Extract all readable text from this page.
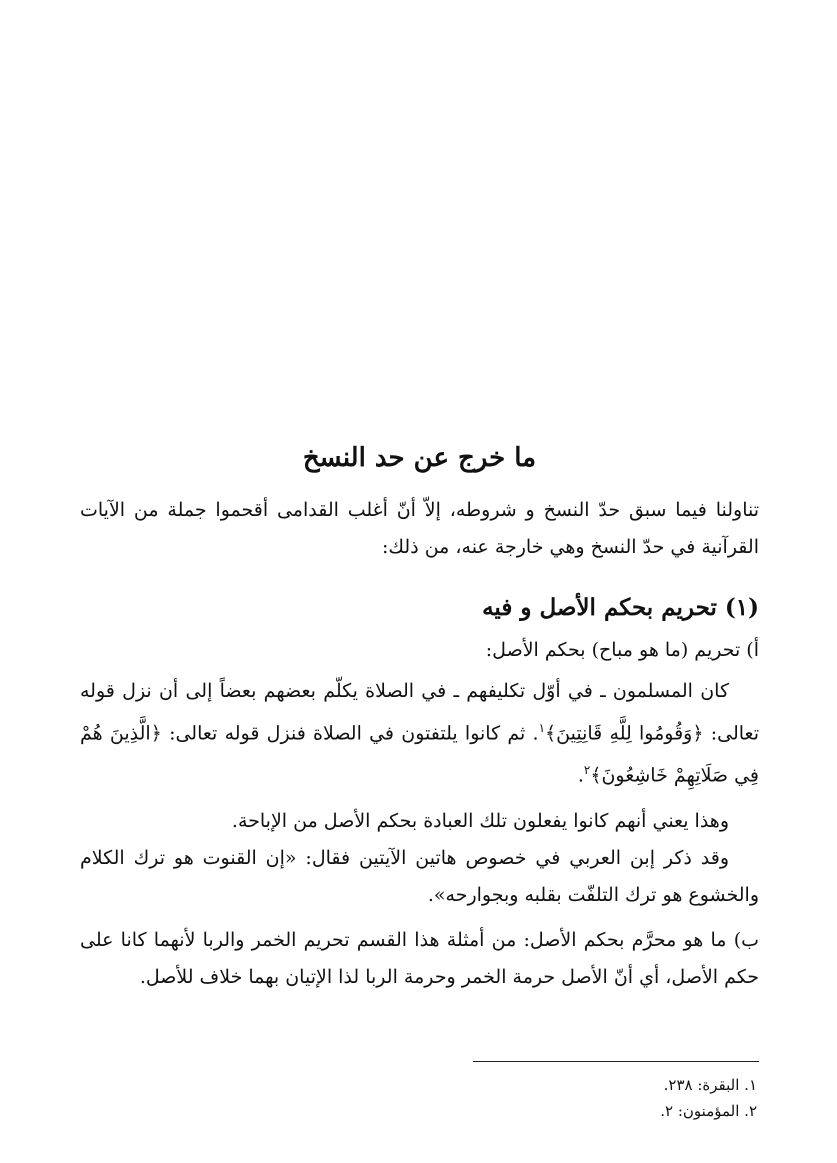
ما خرج عن حد النسخ

تناولنا فيما سبق حدّ النسخ و شروطه، إلاّ أنّ أغلب القدامى أقحموا جملة من الآيات القرآنية في حدّ النسخ وهي خارجة عنه، من ذلك:

(١) تحريم بحكم الأصل و فيه

أ) تحريم (ما هو مباح) بحكم الأصل:

كان المسلمون ـ في أوّل تكليفهم ـ في الصلاة يكلّم بعضهم بعضاً إلى أن نزل قوله تعالى: ﴿وَقُومُوا لِلَّهِ قَانِتِينَ﴾$^١$. ثم كانوا يلتفتون في الصلاة فنزل قوله تعالى: ﴿الَّذِينَ هُمْ فِي صَلَاتِهِمْ خَاشِعُونَ﴾$^٢$.

وهذا يعني أنهم كانوا يفعلون تلك العبادة بحكم الأصل من الإباحة.

وقد ذكر إبن العربي في خصوص هاتين الآيتين فقال: «إن القنوت هو ترك الكلام والخشوع هو ترك التلفّت بقلبه وبجوارحه».

ب) ما هو محرَّم بحكم الأصل: من أمثلة هذا القسم تحريم الخمر والربا لأنهما كانا على حكم الأصل، أي أنّ الأصل حرمة الخمر وحرمة الربا لذا الإتيان بهما خلاف للأصل.

١. البقرة: ٢٣٨.
٢. المؤمنون: ٢.
